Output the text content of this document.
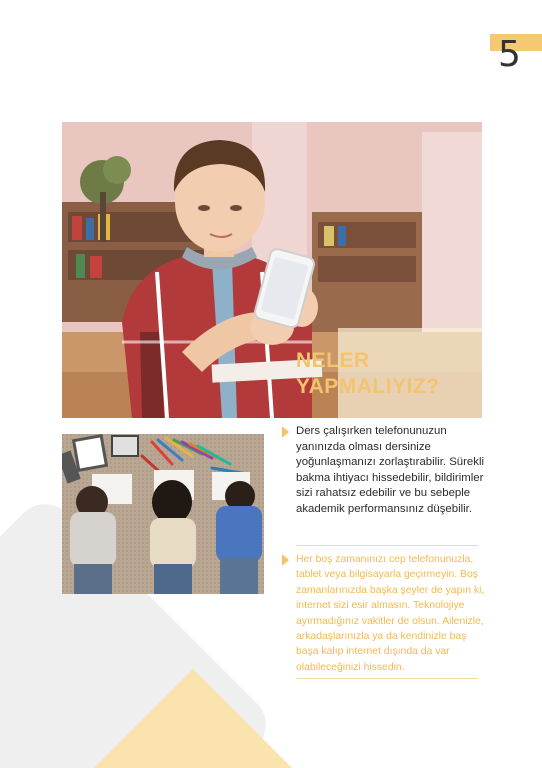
5
NELER
YAPMALIYIZ?

Ders çalışırken telefonunuzun yanınızda olması dersinize yoğunlaşmanızı zorlaştırabilir. Sürekli bakma ihtiyacı hissedebilir, bildirimler sizi rahatsız edebilir ve bu sebeple akademik performansınız düşebilir.

Her boş zamanınızı cep telefonunuzla, tablet veya bilgisayarla geçirmeyin. Boş zamanlarınızda başka şeyler de yapın ki, internet sizi esir almasın. Teknolojiye ayırmadığınız vakitler de olsun. Ailenizle, arkadaşlarınızla ya da kendinizle baş başa kalıp internet dışında da var olabileceğinizi hissedin.
